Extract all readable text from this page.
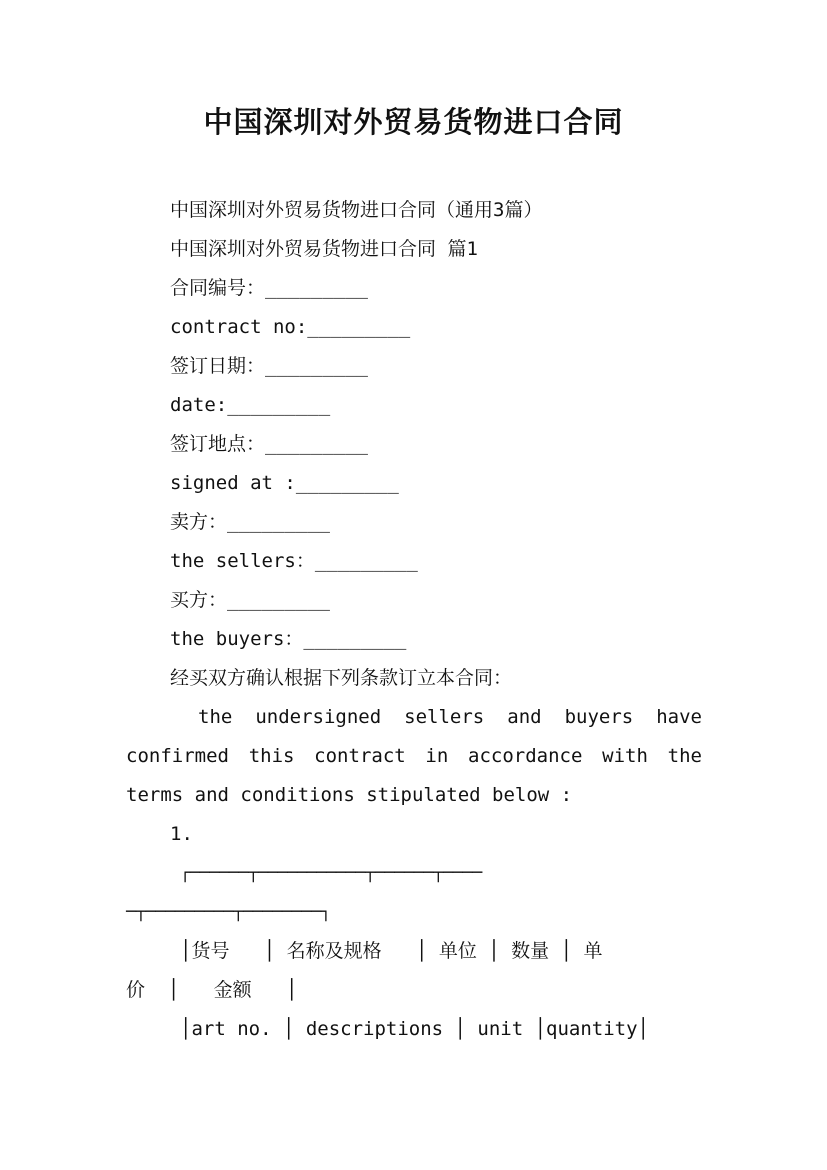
中国深圳对外贸易货物进口合同
中国深圳对外贸易货物进口合同（通用3篇）
中国深圳对外贸易货物进口合同 篇1
合同编号：_________
contract no:_________
签订日期：_________
date:_________
签订地点：_________
signed at :_________
卖方：_________
the sellers：_________
买方：_________
the buyers：_________
经买双方确认根据下列条款订立本合同：
the undersigned sellers and buyers have
confirmed this contract in accordance with the
terms and conditions stipulated below :
1.
┌──────┬───────────┬──────┬────
─┬─────────┬────────┐
│货号   │ 名称及规格   │ 单位 │ 数量 │ 单
价  │   金额   │
│art no. │ descriptions │ unit │quantity│
